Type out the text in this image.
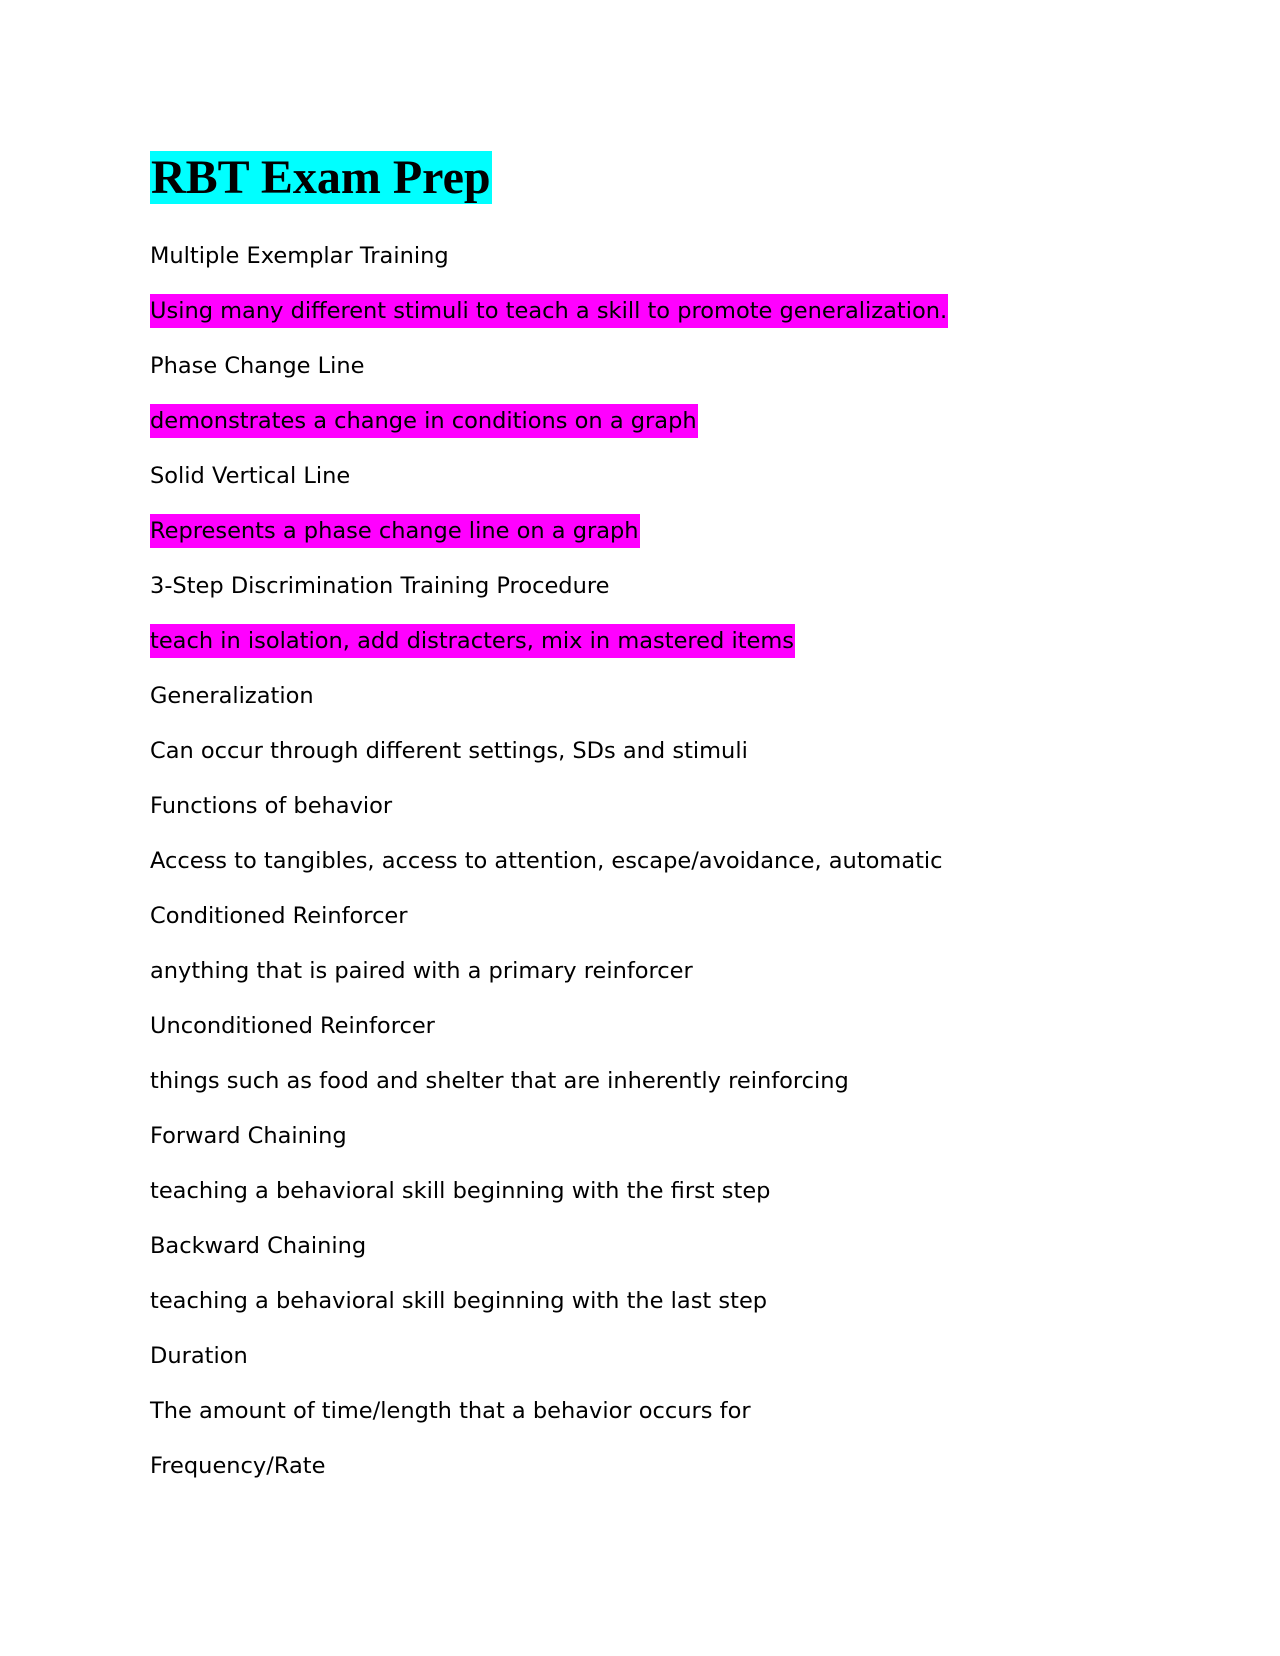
RBT Exam Prep
Multiple Exemplar Training
Using many different stimuli to teach a skill to promote generalization.
Phase Change Line
demonstrates a change in conditions on a graph
Solid Vertical Line
Represents a phase change line on a graph
3-Step Discrimination Training Procedure
teach in isolation, add distracters, mix in mastered items
Generalization
Can occur through different settings, SDs and stimuli
Functions of behavior
Access to tangibles, access to attention, escape/avoidance, automatic
Conditioned Reinforcer
anything that is paired with a primary reinforcer
Unconditioned Reinforcer
things such as food and shelter that are inherently reinforcing
Forward Chaining
teaching a behavioral skill beginning with the first step
Backward Chaining
teaching a behavioral skill beginning with the last step
Duration
The amount of time/length that a behavior occurs for
Frequency/Rate
